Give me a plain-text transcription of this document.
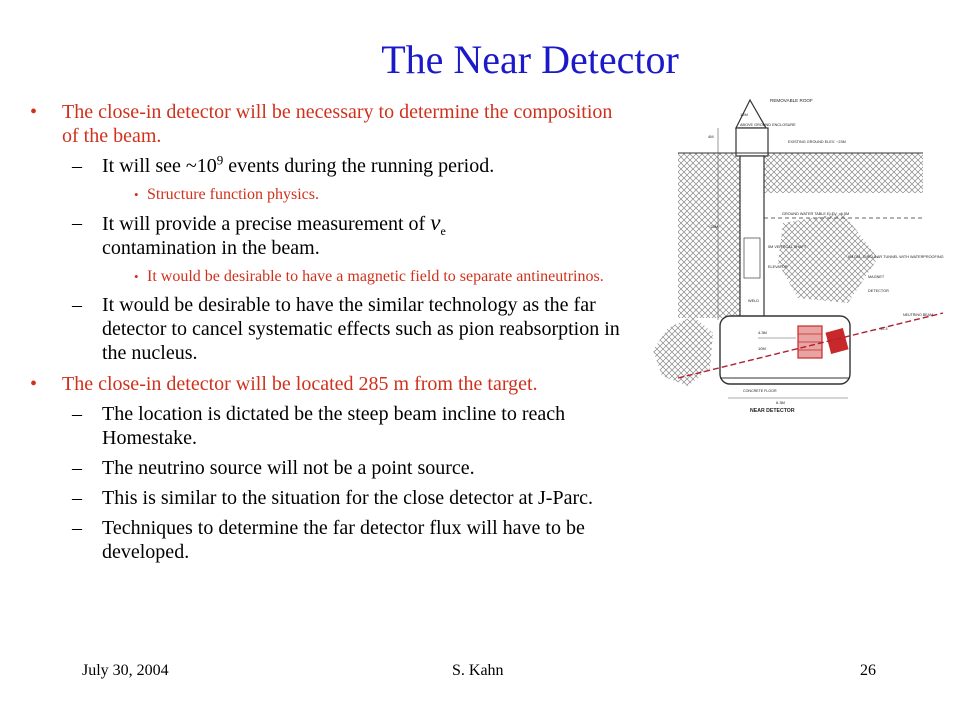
The Near Detector
• The close-in detector will be necessary to determine the composition of the beam.
– It will see $\sim 10^9$ events during the running period.
• Structure function physics.
– It will provide a precise measurement of $\nu_e$
contamination in the beam.
• It would be desirable to have a magnetic field to separate antineutrinos.
– It would be desirable to have the similar technology as the far detector to cancel systematic effects such as pion reabsorption in the nucleus.
• The close-in detector will be located 285 m from the target.
– The location is dictated be the steep beam incline to reach Homestake.
– The neutrino source will not be a point source.
– This is similar to the situation for the close detector at J-Parc.
– Techniques to determine the far detector flux will have to be developed.
REMOVABLE ROOF
ABOVE GROUND ENCLOSURE
EXISTING GROUND ELEV. ~23M
GROUND WATER TABLE ELEV. ~6.5M
5M VERTICAL SHAFT
ELEVATOR
WELD
6M DIA. CIRCULAR TUNNEL WITH WATERPROOFING
MAGNET
DETECTOR
NEUTRINO BEAM
CONCRETE FLOOR
4.3M
6.3M
~23M
12M
4M
10M
11.3
NEAR DETECTOR
July 30, 2004	S. Kahn	26
